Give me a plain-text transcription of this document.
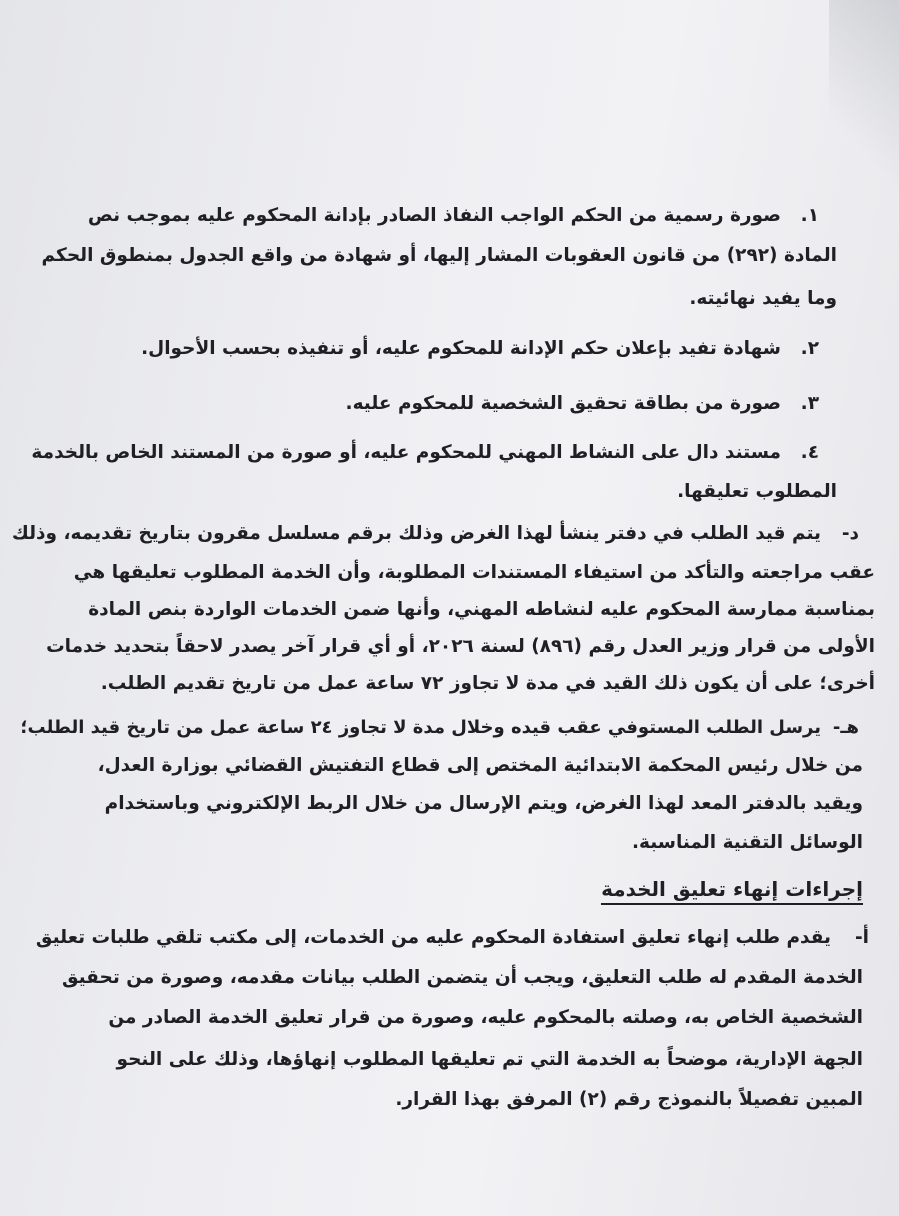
١.صورة رسمية من الحكم الواجب النفاذ الصادر بإدانة المحكوم عليه بموجب نص
المادة (٢٩٢) من قانون العقوبات المشار إليها، أو شهادة من واقع الجدول بمنطوق الحكم
وما يفيد نهائيته.
٢.شهادة تفيد بإعلان حكم الإدانة للمحكوم عليه، أو تنفيذه بحسب الأحوال.
٣.صورة من بطاقة تحقيق الشخصية للمحكوم عليه.
٤.مستند دال على النشاط المهني للمحكوم عليه، أو صورة من المستند الخاص بالخدمة
المطلوب تعليقها.
د-يتم قيد الطلب في دفتر ينشأ لهذا الغرض وذلك برقم مسلسل مقرون بتاريخ تقديمه، وذلك
عقب مراجعته والتأكد من استيفاء المستندات المطلوبة، وأن الخدمة المطلوب تعليقها هي
بمناسبة ممارسة المحكوم عليه لنشاطه المهني، وأنها ضمن الخدمات الواردة بنص المادة
الأولى من قرار وزير العدل رقم (٨٩٦) لسنة ٢٠٢٦، أو أي قرار آخر يصدر لاحقاً بتحديد خدمات
أخرى؛ على أن يكون ذلك القيد في مدة لا تجاوز ٧٢ ساعة عمل من تاريخ تقديم الطلب.
هـ-يرسل الطلب المستوفي عقب قيده وخلال مدة لا تجاوز ٢٤ ساعة عمل من تاريخ قيد الطلب؛
من خلال رئيس المحكمة الابتدائية المختص إلى قطاع التفتيش القضائي بوزارة العدل،
ويقيد بالدفتر المعد لهذا الغرض، ويتم الإرسال من خلال الربط الإلكتروني وباستخدام
الوسائل التقنية المناسبة.
إجراءات إنهاء تعليق الخدمة
أ-يقدم طلب إنهاء تعليق استفادة المحكوم عليه من الخدمات، إلى مكتب تلقي طلبات تعليق
الخدمة المقدم له طلب التعليق، ويجب أن يتضمن الطلب بيانات مقدمه، وصورة من تحقيق
الشخصية الخاص به، وصلته بالمحكوم عليه، وصورة من قرار تعليق الخدمة الصادر من
الجهة الإدارية، موضحاً به الخدمة التي تم تعليقها المطلوب إنهاؤها، وذلك على النحو
المبين تفصيلاً بالنموذج رقم (٢) المرفق بهذا القرار.
